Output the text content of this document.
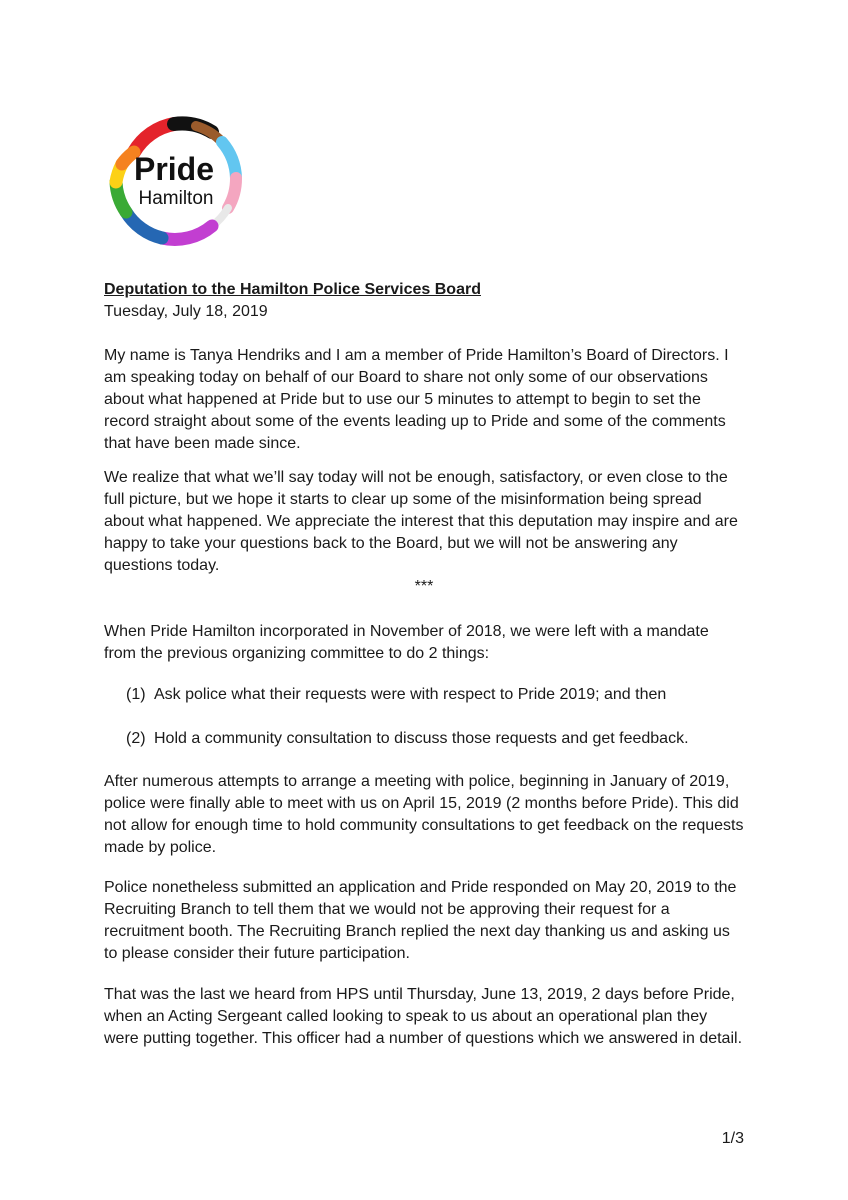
Pride
Hamilton
Deputation to the Hamilton Police Services Board

Tuesday, July 18, 2019

My name is Tanya Hendriks and I am a member of Pride Hamilton’s Board of Directors. I am speaking today on behalf of our Board to share not only some of our observations about what happened at Pride but to use our 5 minutes to attempt to begin to set the record straight about some of the events leading up to Pride and some of the comments that have been made since.

We realize that what we’ll say today will not be enough, satisfactory, or even close to the full picture, but we hope it starts to clear up some of the misinformation being spread about what happened. We appreciate the interest that this deputation may inspire and are happy to take your questions back to the Board, but we will not be answering any questions today.

***

When Pride Hamilton incorporated in November of 2018, we were left with a mandate from the previous organizing committee to do 2 things:

(1) Ask police what their requests were with respect to Pride 2019; and then

(2) Hold a community consultation to discuss those requests and get feedback.

After numerous attempts to arrange a meeting with police, beginning in January of 2019, police were finally able to meet with us on April 15, 2019 (2 months before Pride). This did not allow for enough time to hold community consultations to get feedback on the requests made by police.

Police nonetheless submitted an application and Pride responded on May 20, 2019 to the Recruiting Branch to tell them that we would not be approving their request for a recruitment booth. The Recruiting Branch replied the next day thanking us and asking us to please consider their future participation.

That was the last we heard from HPS until Thursday, June 13, 2019, 2 days before Pride, when an Acting Sergeant called looking to speak to us about an operational plan they were putting together. This officer had a number of questions which we answered in detail.

1/3
